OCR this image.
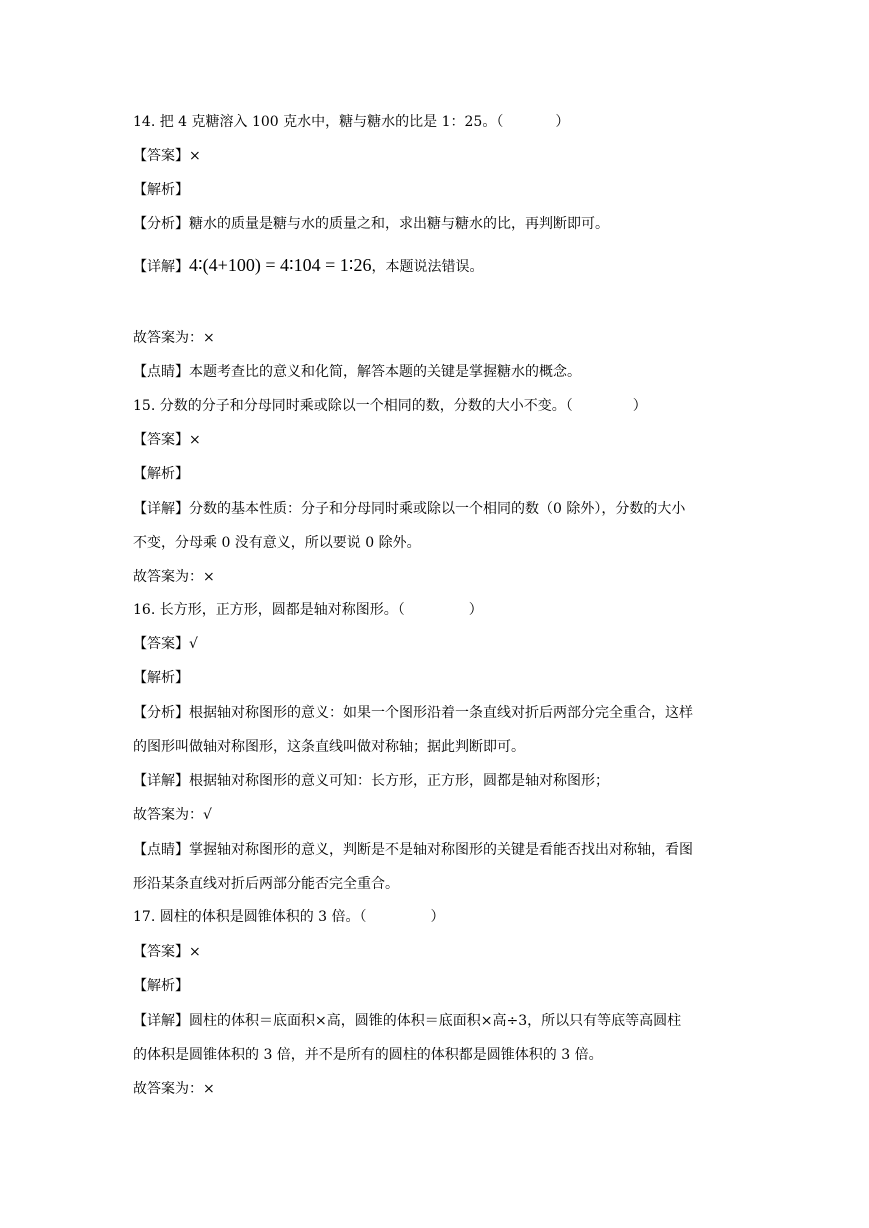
14. 把 4 克糖溶入 100 克水中，糖与糖水的比是 1：25。（	）
【答案】×
【解析】
【分析】糖水的质量是糖与水的质量之和，求出糖与糖水的比，再判断即可。
【详解】4∶(4+100) = 4∶104 = 1∶26，本题说法错误。
故答案为：×
【点睛】本题考查比的意义和化简，解答本题的关键是掌握糖水的概念。
15. 分数的分子和分母同时乘或除以一个相同的数，分数的大小不变。（	）
【答案】×
【解析】
【详解】分数的基本性质：分子和分母同时乘或除以一个相同的数（0 除外），分数的大小
不变，分母乘 0 没有意义，所以要说 0 除外。
故答案为：×
16. 长方形，正方形，圆都是轴对称图形。（	）
【答案】√
【解析】
【分析】根据轴对称图形的意义：如果一个图形沿着一条直线对折后两部分完全重合，这样
的图形叫做轴对称图形，这条直线叫做对称轴；据此判断即可。
【详解】根据轴对称图形的意义可知：长方形，正方形，圆都是轴对称图形；
故答案为：√
【点睛】掌握轴对称图形的意义，判断是不是轴对称图形的关键是看能否找出对称轴，看图
形沿某条直线对折后两部分能否完全重合。
17. 圆柱的体积是圆锥体积的 3 倍。（	）
【答案】×
【解析】
【详解】圆柱的体积＝底面积×高，圆锥的体积＝底面积×高÷3，所以只有等底等高圆柱
的体积是圆锥体积的 3 倍，并不是所有的圆柱的体积都是圆锥体积的 3 倍。
故答案为：×
